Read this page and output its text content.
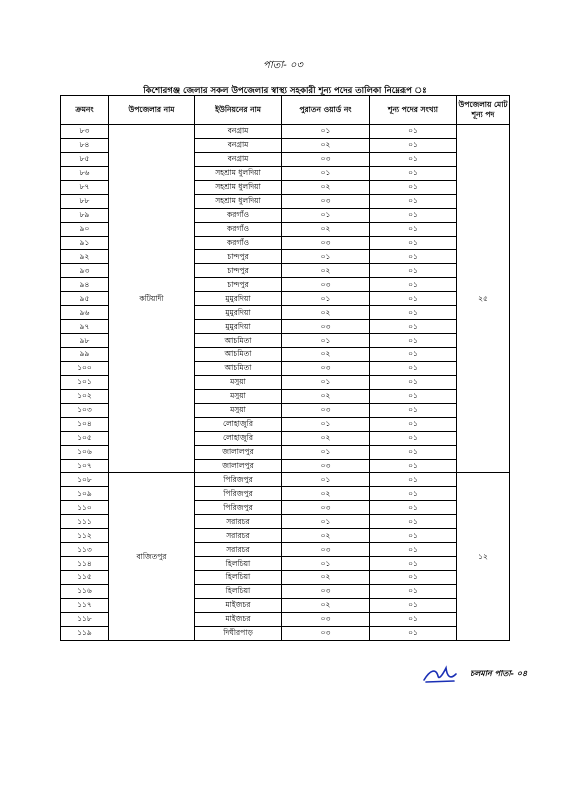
পাতা- ০৩
কিশোরগঞ্জ জেলার সকল উপজেলার স্বাস্থ্য সহকারী শূন্য পদের তালিকা নিম্নেরূপ ঃ
ক্রমনং	উপজেলার নাম	ইউনিয়নের নাম	পুরাতন ওয়ার্ড নং	শূন্য পদের সংখ্যা	উপজেলায় মোট শূন্য পদ
৮৩	কটিয়াদী	বনগ্রাম	০১	০১	২৫
৮৪		বনগ্রাম	০২	০১	
৮৫		বনগ্রাম	০৩	০১	
৮৬		সহশ্রাম ধুলদিয়া	০১	০১	
৮৭		সহশ্রাম ধুলদিয়া	০২	০১	
৮৮		সহশ্রাম ধুলদিয়া	০৩	০১	
৮৯		করগাঁও	০১	০১	
৯০		করগাঁও	০২	০১	
৯১		করগাঁও	০৩	০১	
৯২		চান্দপুর	০১	০১	
৯৩		চান্দপুর	০২	০১	
৯৪		চান্দপুর	০৩	০১	
৯৫		মুমুরদিয়া	০১	০১	
৯৬		মুমুরদিয়া	০২	০১	
৯৭		মুমুরদিয়া	০৩	০১	
৯৮		আচমিতা	০১	০১	
৯৯		আচমিতা	০২	০১	
১০০		আচমিতা	০৩	০১	
১০১		মসুয়া	০১	০১	
১০২		মসুয়া	০২	০১	
১০৩		মসুয়া	০৩	০১	
১০৪		লোহাজুরি	০১	০১	
১০৫		লোহাজুরি	০২	০১	
১০৬		জালালপুর	০১	০১	
১০৭		জালালপুর	০৩	০১	
১০৮	বাজিতপুর	পিরিজপুর	০১	০১	১২
১০৯		পিরিজপুর	০২	০১	
১১০		পিরিজপুর	০৩	০১	
১১১		সরারচর	০১	০১	
১১২		সরারচর	০২	০১	
১১৩		সরারচর	০৩	০১	
১১৪		হিলচিয়া	০১	০১	
১১৫		হিলচিয়া	০২	০১	
১১৬		হিলচিয়া	০৩	০১	
১১৭		মাইজচর	০২	০১	
১১৮		মাইজচর	০৩	০১	
১১৯		দিঘীরপাড়	০৩	০১	
চলমান পাতা- ০৪
